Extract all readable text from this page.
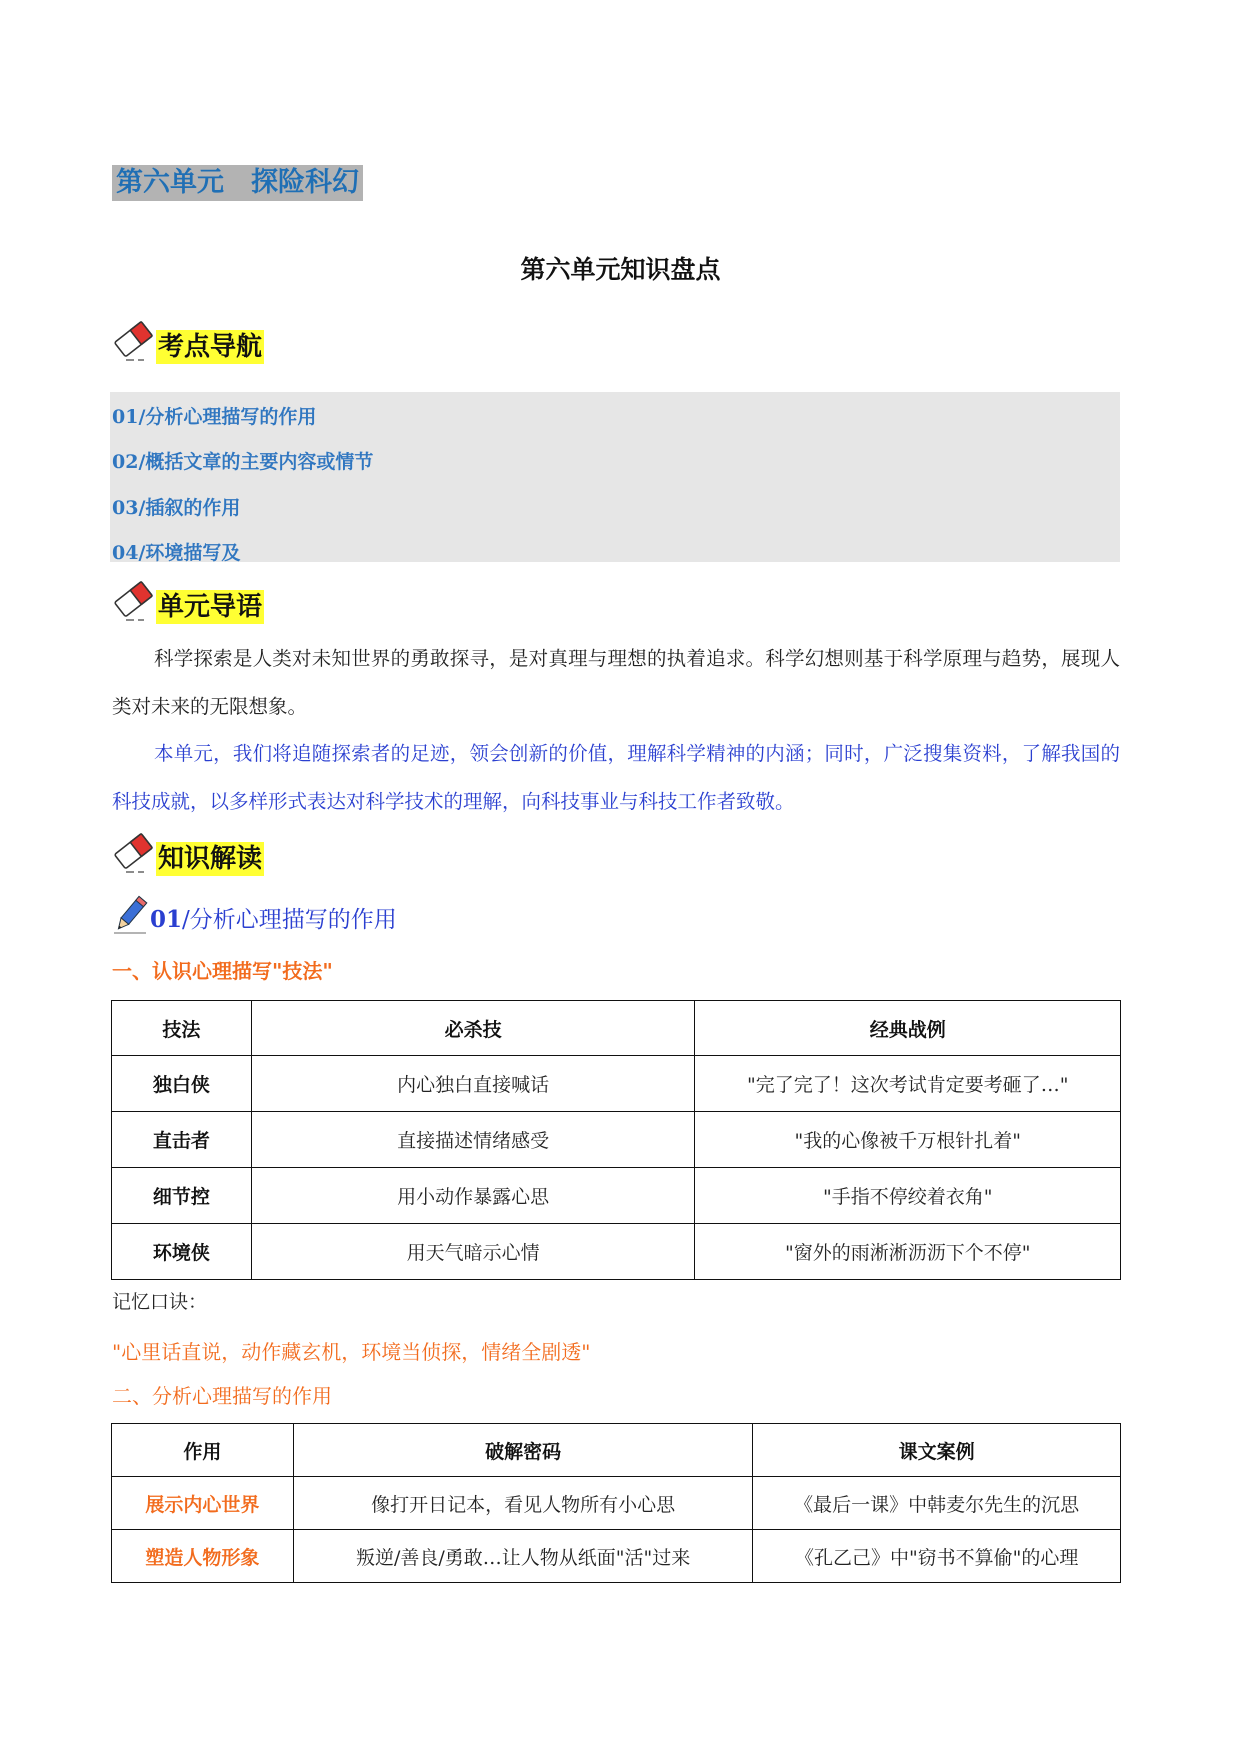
第六单元　探险科幻
第六单元知识盘点
考点导航
01/分析心理描写的作用
02/概括文章的主要内容或情节
03/插叙的作用
04/环境描写及
单元导语
科学探索是人类对未知世界的勇敢探寻，是对真理与理想的执着追求。科学幻想则基于科学原理与趋势，展现人类对未来的无限想象。
本单元，我们将追随探索者的足迹，领会创新的价值，理解科学精神的内涵；同时，广泛搜集资料，了解我国的科技成就，以多样形式表达对科学技术的理解，向科技事业与科技工作者致敬。
知识解读
01/分析心理描写的作用
一、认识心理描写"技法"
技法	必杀技	经典战例
独白侠	内心独白直接喊话	"完了完了！这次考试肯定要考砸了…"
直击者	直接描述情绪感受	"我的心像被千万根针扎着"
细节控	用小动作暴露心思	"手指不停绞着衣角"
环境侠	用天气暗示心情	"窗外的雨淅淅沥沥下个不停"
记忆口诀：
"心里话直说，动作藏玄机，环境当侦探，情绪全剧透"
二、分析心理描写的作用
作用	破解密码	课文案例
展示内心世界	像打开日记本，看见人物所有小心思	《最后一课》中韩麦尔先生的沉思
塑造人物形象	叛逆/善良/勇敢…让人物从纸面"活"过来	《孔乙己》中"窃书不算偷"的心理
